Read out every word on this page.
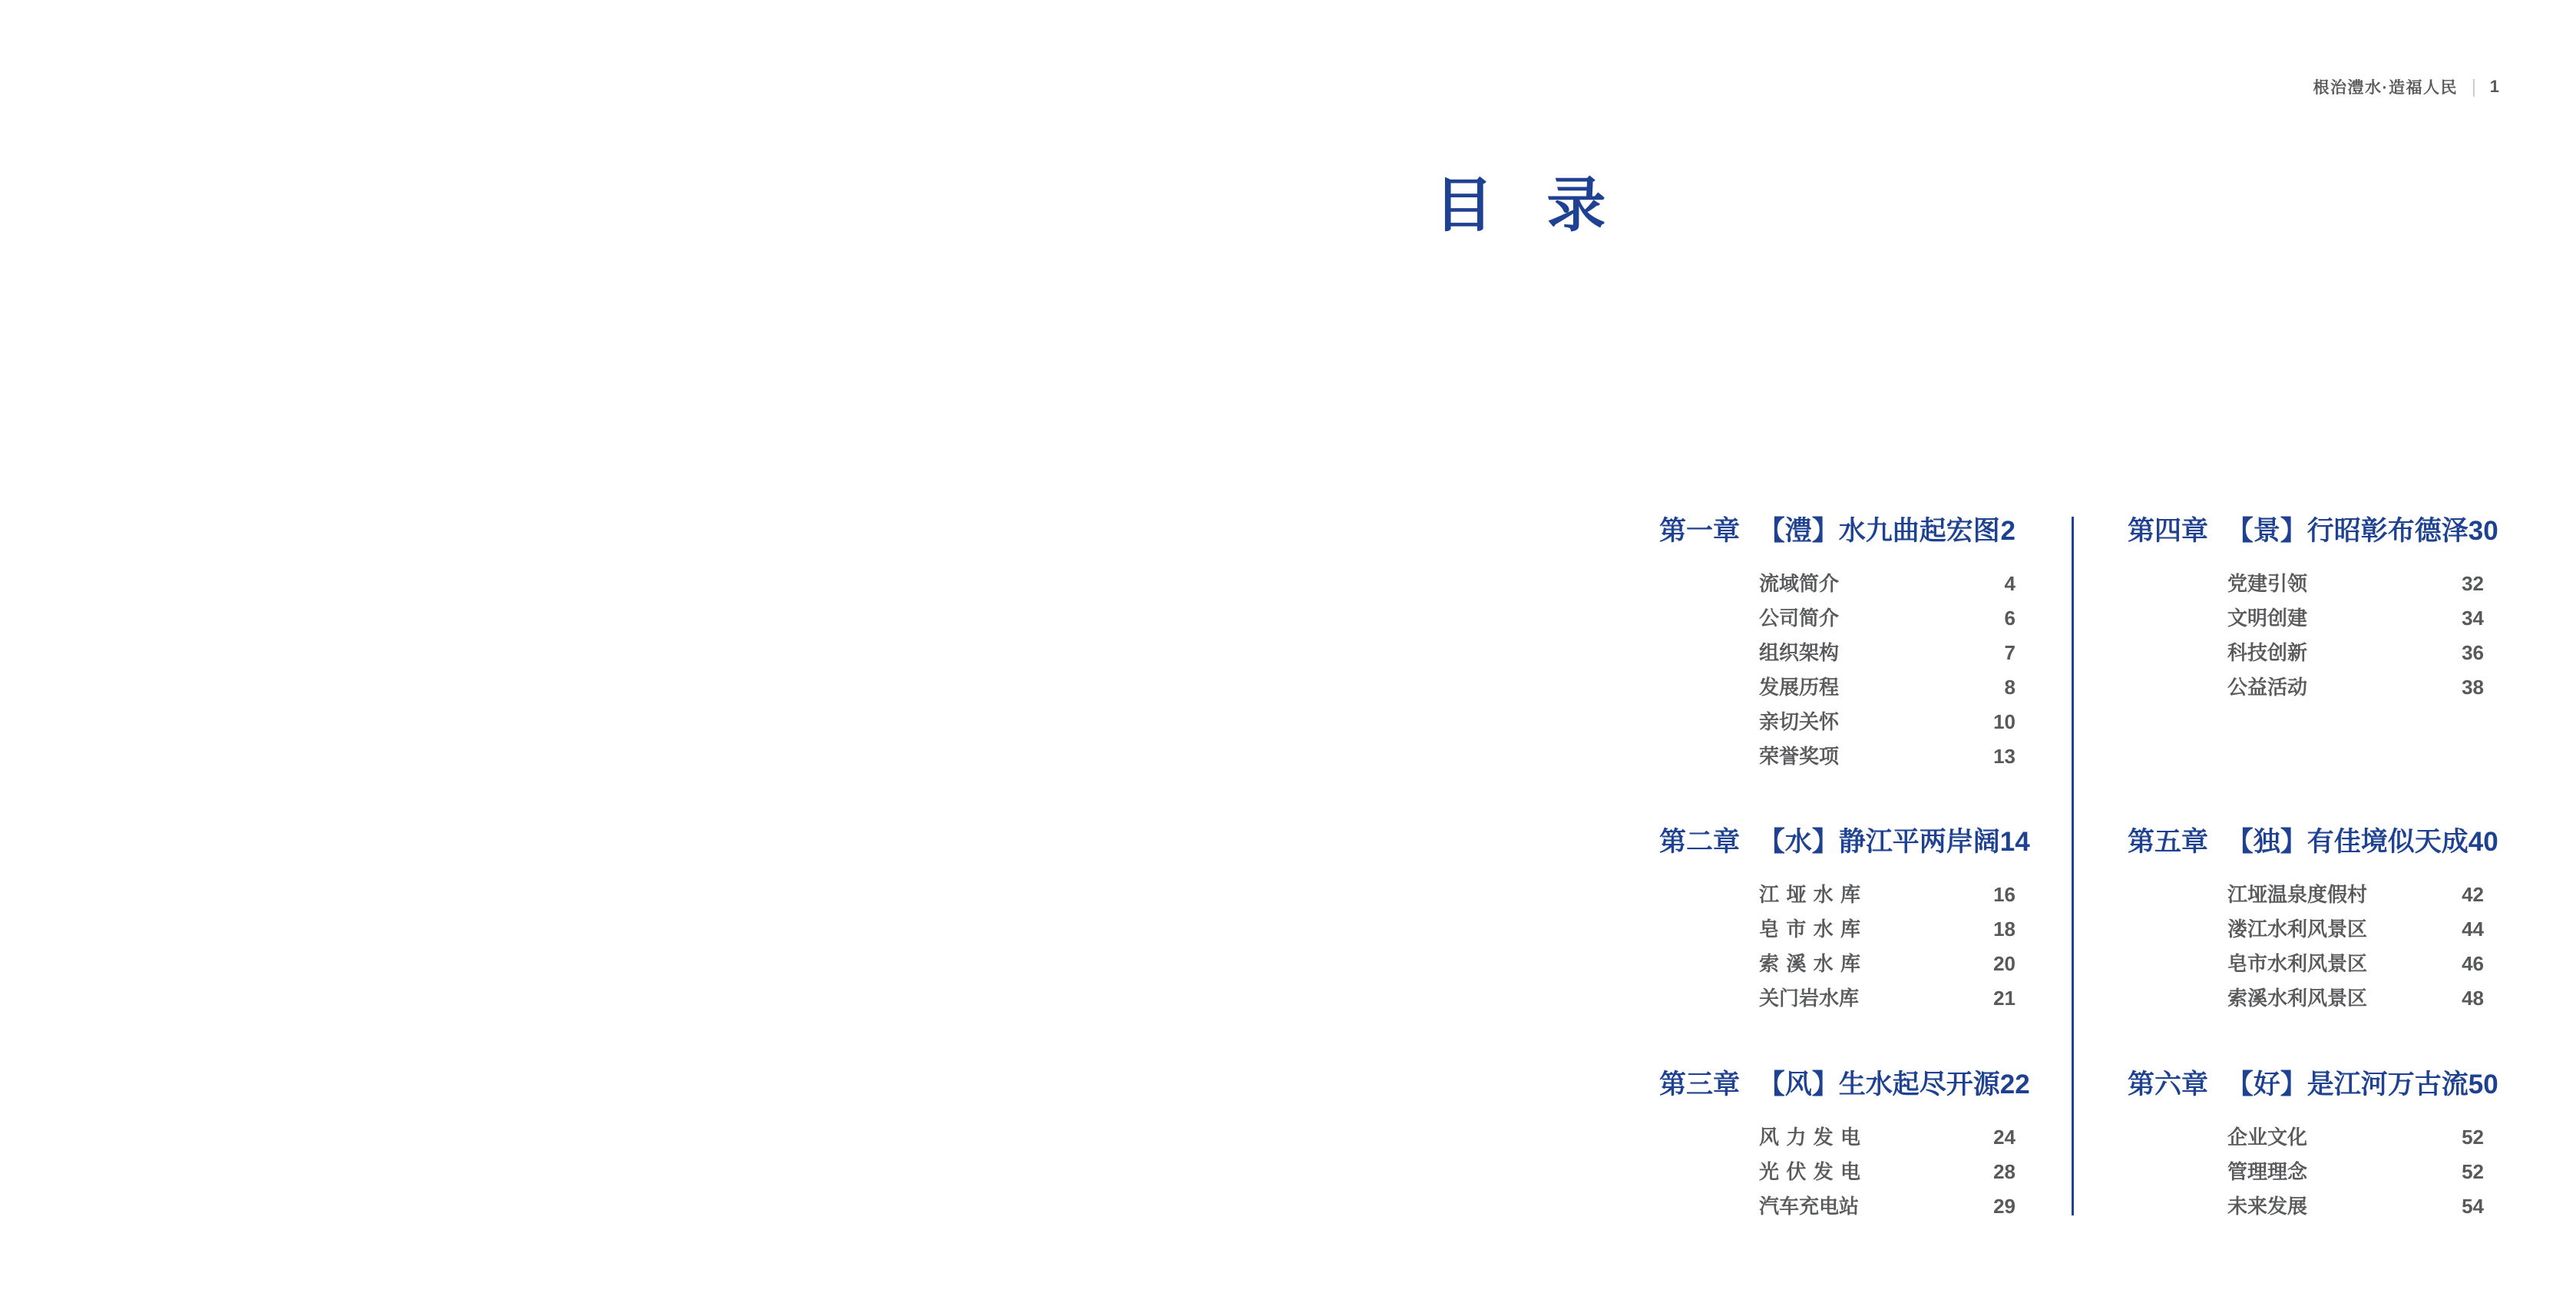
根治澧水·造福人民 | 1
目 录
第一章 【澧】水九曲起宏图 2
流域简介	4
公司简介	6
组织架构	7
发展历程	8
亲切关怀	10
荣誉奖项	13
第二章 【水】静江平两岸阔 14
江垭水库	16
皂市水库	18
索溪水库	20
关门岩水库	21
第三章 【风】生水起尽开源 22
风力发电	24
光伏发电	28
汽车充电站	29
第四章 【景】行昭彰布德泽 30
党建引领	32
文明创建	34
科技创新	36
公益活动	38
第五章 【独】有佳境似天成 40
江垭温泉度假村	42
溇江水利风景区	44
皂市水利风景区	46
索溪水利风景区	48
第六章 【好】是江河万古流 50
企业文化	52
管理理念	52
未来发展	54
